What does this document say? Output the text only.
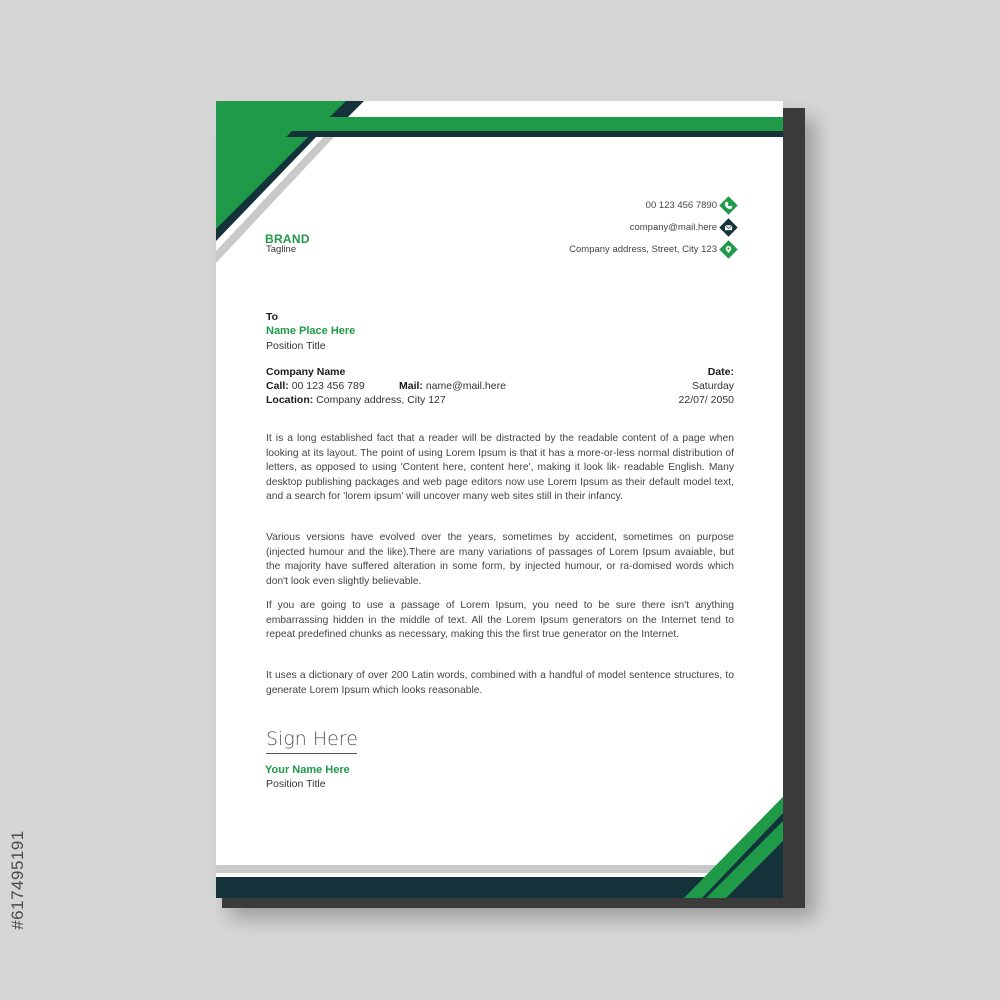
#617495191
BRAND
Tagline
00 123 456 7890
company@mail.here
Company address, Street, City 123
To
Name Place Here
Position Title
Company Name
Call: 00 123 456 789	Mail: name@mail.here
Location: Company address, City 127
Date:
Saturday
22/07/ 2050
It is a long established fact that a reader will be distracted by the readable content of a page when looking at its layout. The point of using Lorem Ipsum is that it has a more-or-less normal distribution of letters, as opposed to using 'Content here, content here', making it look lik- readable English. Many desktop publishing packages and web page editors now use Lorem Ipsum as their default model text, and a search for 'lorem ipsum' will uncover many web sites still in their infancy.
Various versions have evolved over the years, sometimes by accident, sometimes on purpose (injected humour and the like).There are many variations of passages of Lorem Ipsum avaiable, but the majority have suffered alteration in some form, by injected humour, or ra-domised words which don't look even slightly believable.
If you are going to use a passage of Lorem Ipsum, you need to be sure there isn't anything embarrassing hidden in the middle of text. All the Lorem Ipsum generators on the Internet tend to repeat predefined chunks as necessary, making this the first true generator on the Internet.
It uses a dictionary of over 200 Latin words, combined with a handful of model sentence structures, to generate Lorem Ipsum which looks reasonable.
Sign Here
Your Name Here
Position Title
